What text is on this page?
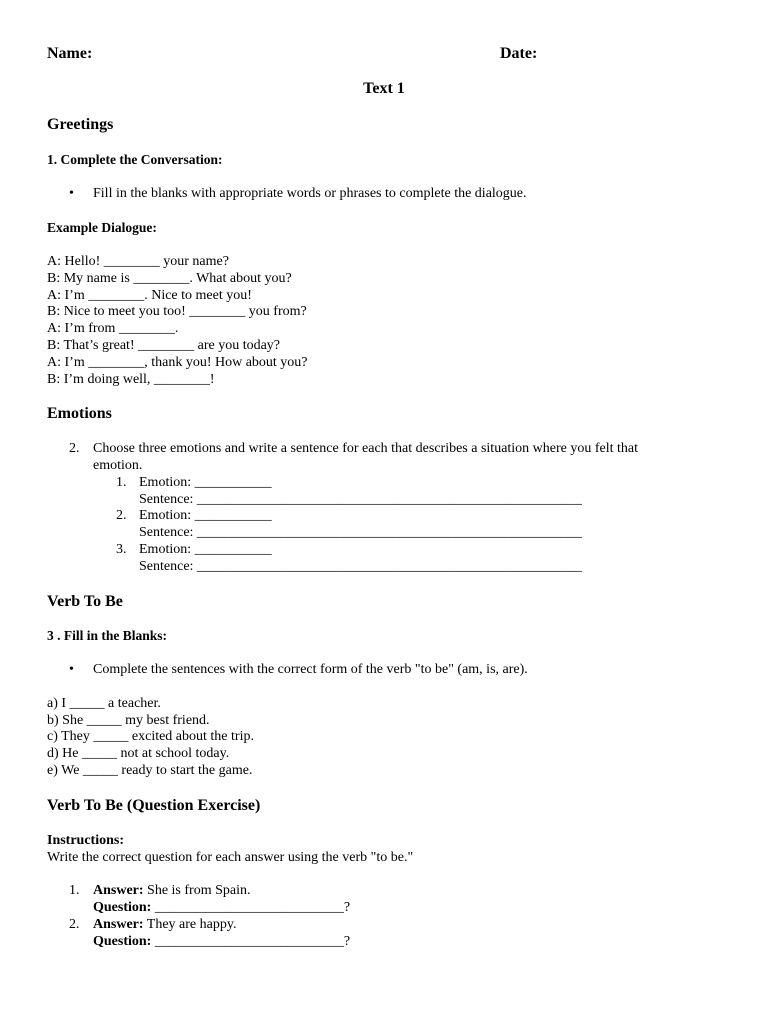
Name:	Date:
Text 1
Greetings
1. Complete the Conversation:
• Fill in the blanks with appropriate words or phrases to complete the dialogue.
Example Dialogue:
A: Hello! ________ your name?
B: My name is ________. What about you?
A: I’m ________. Nice to meet you!
B: Nice to meet you too! ________ you from?
A: I’m from ________.
B: That’s great! ________ are you today?
A: I’m ________, thank you! How about you?
B: I’m doing well, ________!
Emotions
2. Choose three emotions and write a sentence for each that describes a situation where you felt that
emotion.
1. Emotion: ___________
Sentence: _______________________________________________________
2. Emotion: ___________
Sentence: _______________________________________________________
3. Emotion: ___________
Sentence: _______________________________________________________
Verb To Be
3 . Fill in the Blanks:
• Complete the sentences with the correct form of the verb "to be" (am, is, are).
a) I _____ a teacher.
b) She _____ my best friend.
c) They _____ excited about the trip.
d) He _____ not at school today.
e) We _____ ready to start the game.
Verb To Be (Question Exercise)
Instructions:
Write the correct question for each answer using the verb "to be."
1. Answer: She is from Spain.
Question: ___________________________?
2. Answer: They are happy.
Question: ___________________________?
